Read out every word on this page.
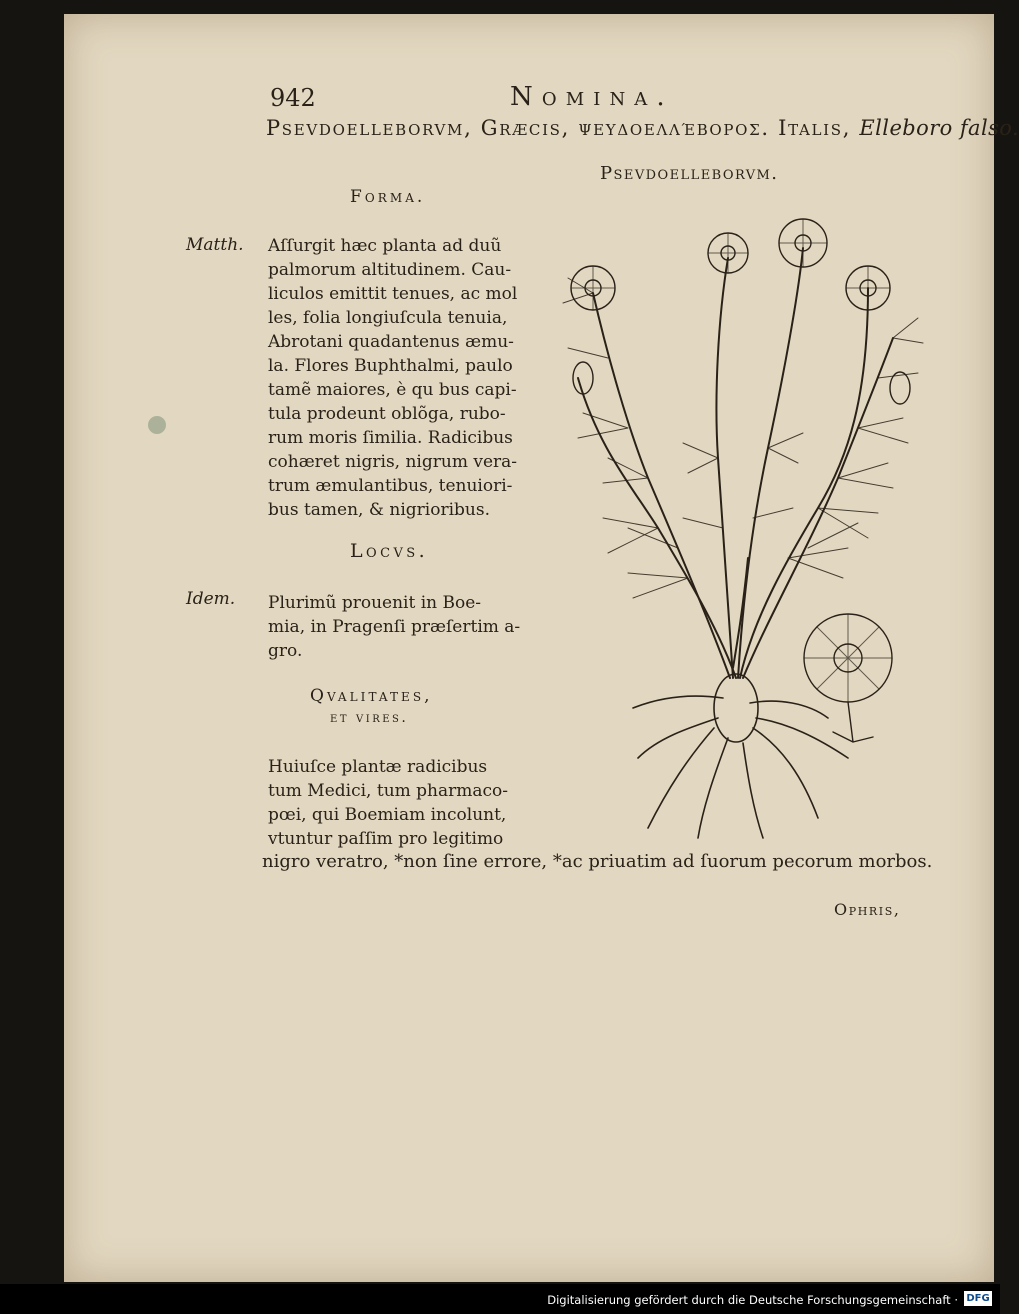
942	Nomina.
Psevdoelleborvm, Græcis, ψευδοελλέβορος. Italis, Elleboro falso.
Psevdoelleborvm.
Forma.
Matth. Aſſurgit hæc planta ad duũ
palmorum altitudinem. Cau-
liculos emittit tenues, ac mol
les, folia longiuſcula tenuia,
Abrotani quadantenus æmu-
la. Flores Buphthalmi, paulo
tamẽ maiores, è qu bus capi-
tula prodeunt oblõga, rubo-
rum moris ſimilia. Radicibus
cohæret nigris, nigrum vera-
trum æmulantibus, tenuiori-
bus tamen, & nigrioribus.
Locvs.
Idem. Plurimũ prouenit in Boe-
mia, in Pragenſi præſertim a-
gro.
Qvalitates,
et vires.
Huiuſce plantæ radicibus
tum Medici, tum pharmaco-
pœi, qui Boemiam incolunt,
vtuntur paſſim pro legitimo
nigro veratro, *non ſine errore, *ac priuatim ad ſuorum pecorum morbos.
Ophris,
Digitalisierung gefördert durch die Deutsche Forschungsgemeinschaft · DFG
